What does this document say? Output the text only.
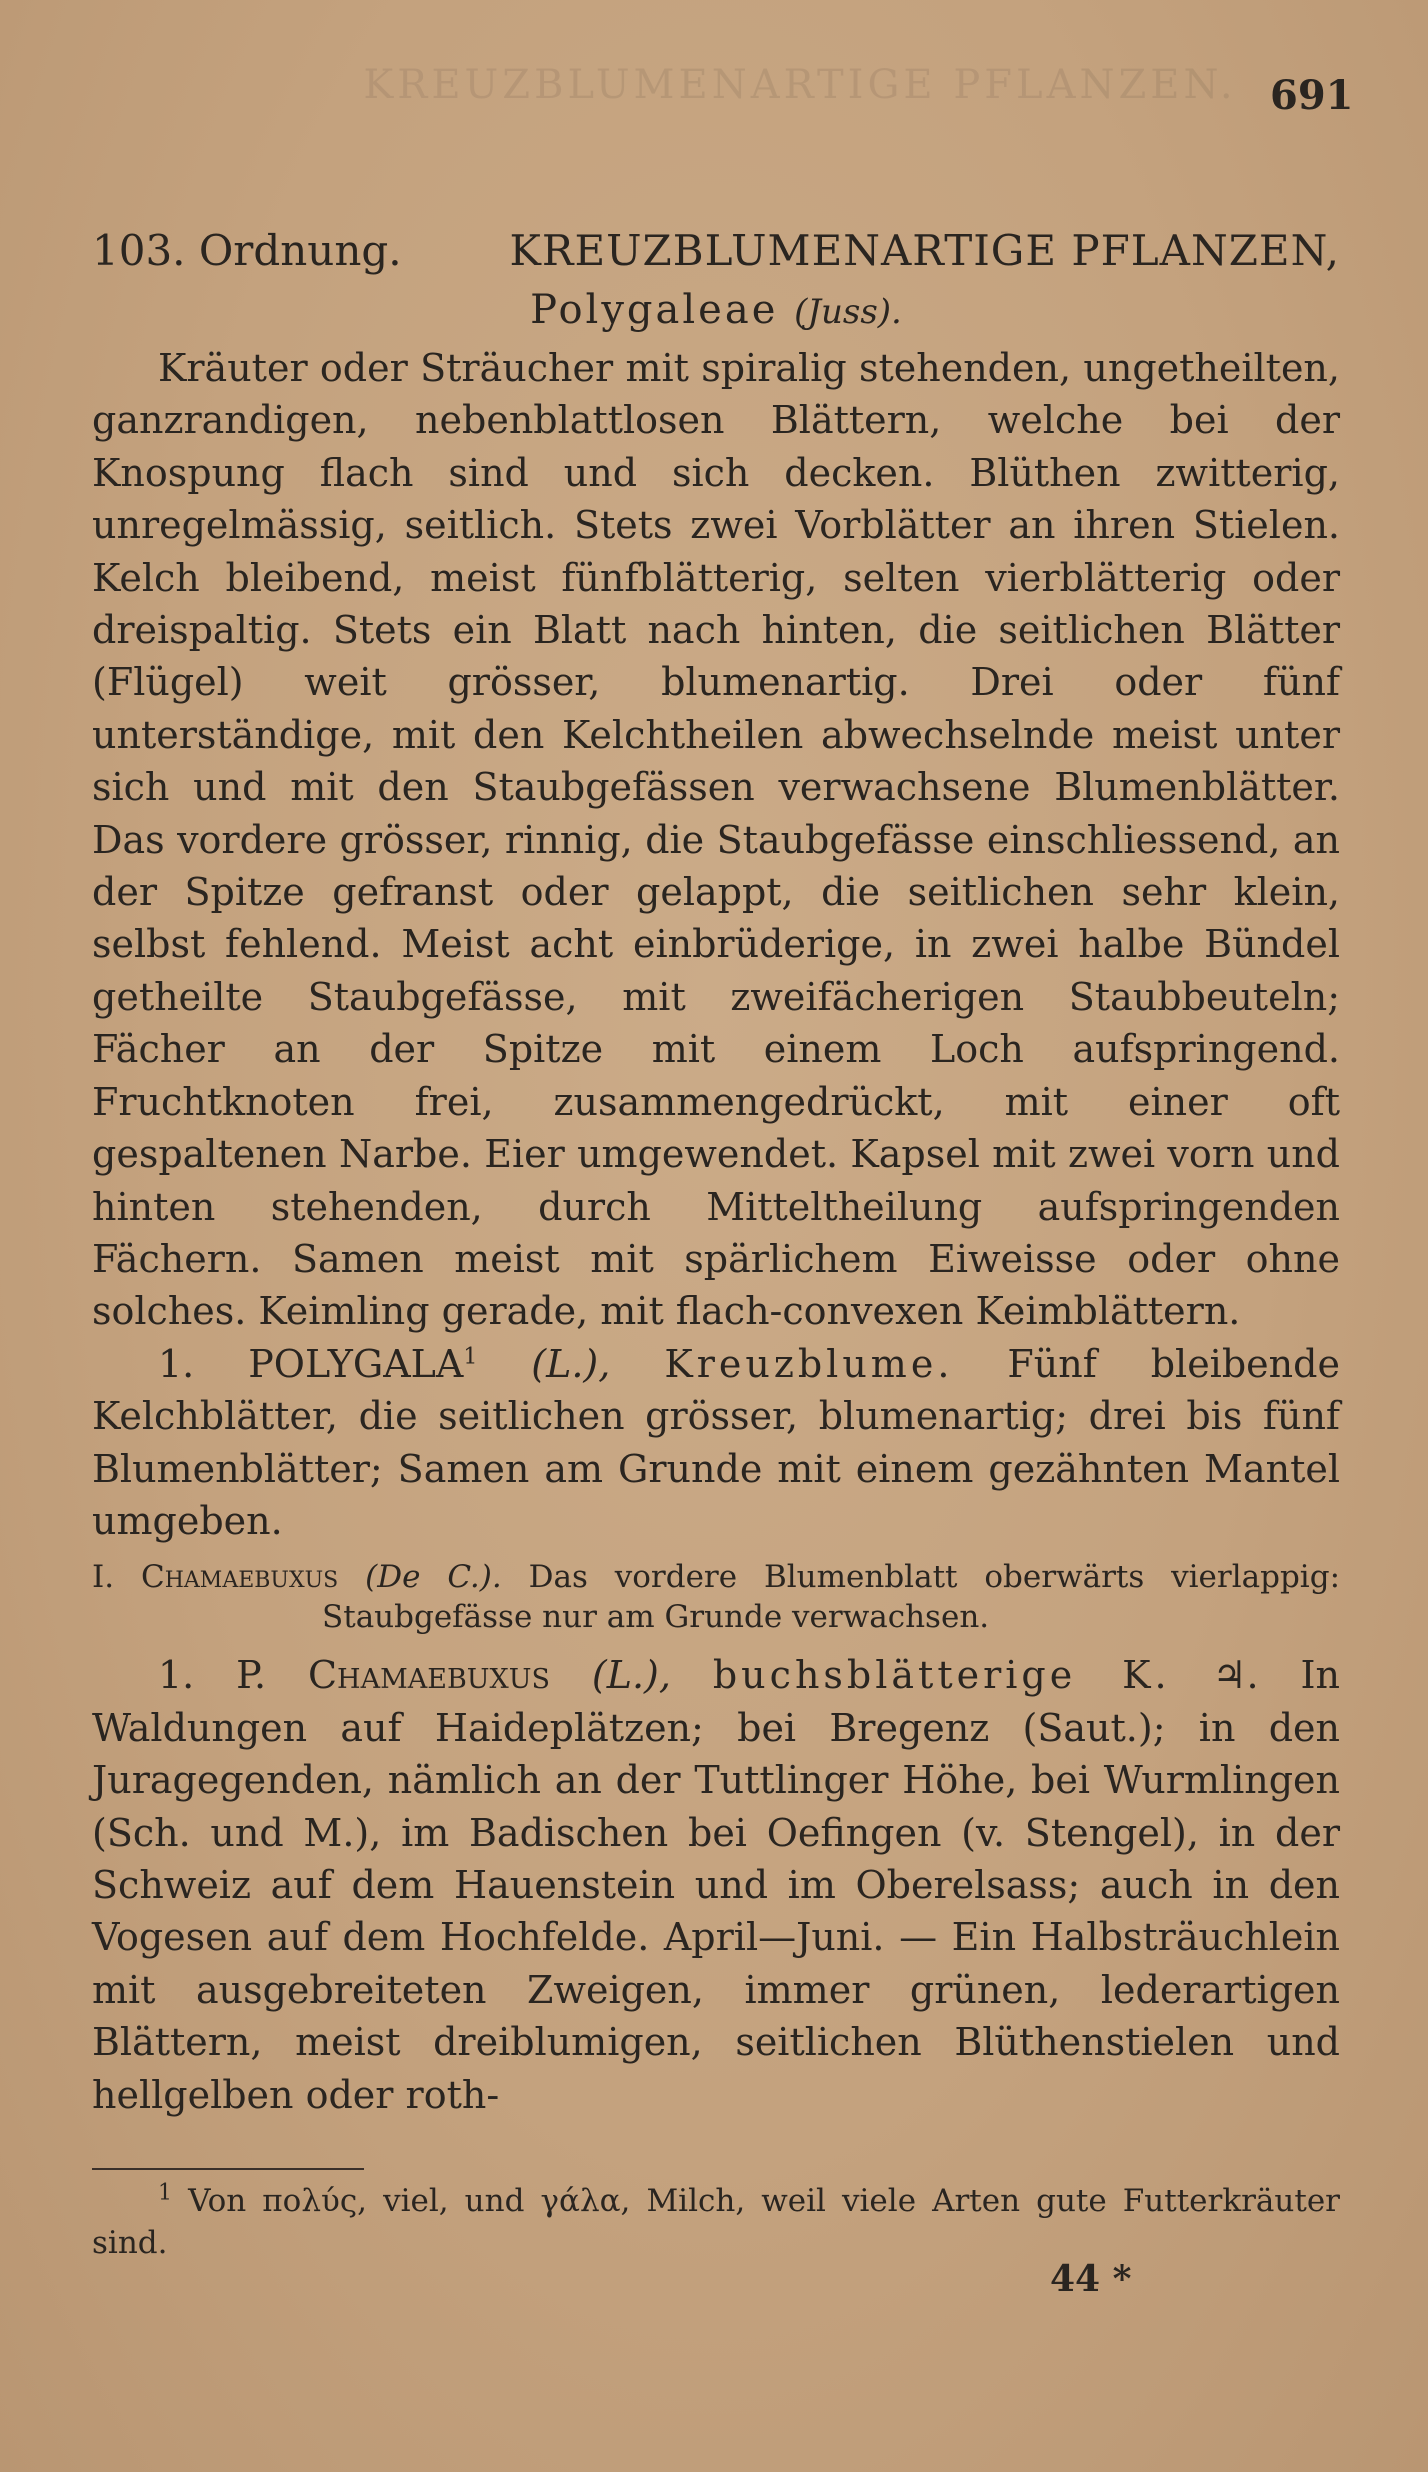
KREUZBLUMENARTIGE PFLANZEN. 691
103. Ordnung.	KREUZBLUMENARTIGE PFLANZEN,
Polygaleae (Juss).

Kräuter oder Sträucher mit spiralig stehenden, ungetheilten, ganzrandigen, nebenblattlosen Blättern, welche bei der Knospung flach sind und sich decken. Blüthen zwitterig, unregelmässig, seitlich. Stets zwei Vorblätter an ihren Stielen. Kelch bleibend, meist fünfblätterig, selten vierblätterig oder dreispaltig. Stets ein Blatt nach hinten, die seitlichen Blätter (Flügel) weit grösser, blumenartig. Drei oder fünf unterständige, mit den Kelchtheilen abwechselnde meist unter sich und mit den Staubgefässen verwachsene Blumenblätter. Das vordere grösser, rinnig, die Staubgefässe einschliessend, an der Spitze gefranst oder gelappt, die seitlichen sehr klein, selbst fehlend. Meist acht einbrüderige, in zwei halbe Bündel getheilte Staubgefässe, mit zweifächerigen Staubbeuteln; Fächer an der Spitze mit einem Loch aufspringend. Fruchtknoten frei, zusammengedrückt, mit einer oft gespaltenen Narbe. Eier umgewendet. Kapsel mit zwei vorn und hinten stehenden, durch Mitteltheilung aufspringenden Fächern. Samen meist mit spärlichem Eiweisse oder ohne solches. Keimling gerade, mit flach-convexen Keimblättern.

1. POLYGALA$^1$ (L.), Kreuzblume. Fünf bleibende Kelchblätter, die seitlichen grösser, blumenartig; drei bis fünf Blumenblätter; Samen am Grunde mit einem gezähnten Mantel umgeben.

I. Chamaebuxus (De C.). Das vordere Blumenblatt oberwärts vierlappig: Staubgefässe nur am Grunde verwachsen.

1. P. Chamaebuxus (L.), buchsblätterige K. ♃. In Waldungen auf Haideplätzen; bei Bregenz (Saut.); in den Juragegenden, nämlich an der Tuttlinger Höhe, bei Wurmlingen (Sch. und M.), im Badischen bei Oefingen (v. Stengel), in der Schweiz auf dem Hauenstein und im Oberelsass; auch in den Vogesen auf dem Hochfelde. April—Juni. — Ein Halbsträuchlein mit ausgebreiteten Zweigen, immer grünen, lederartigen Blättern, meist dreiblumigen, seitlichen Blüthenstielen und hellgelben oder roth-

$^1$ Von πολύς, viel, und γάλα, Milch, weil viele Arten gute Futterkräuter sind.

44 *
